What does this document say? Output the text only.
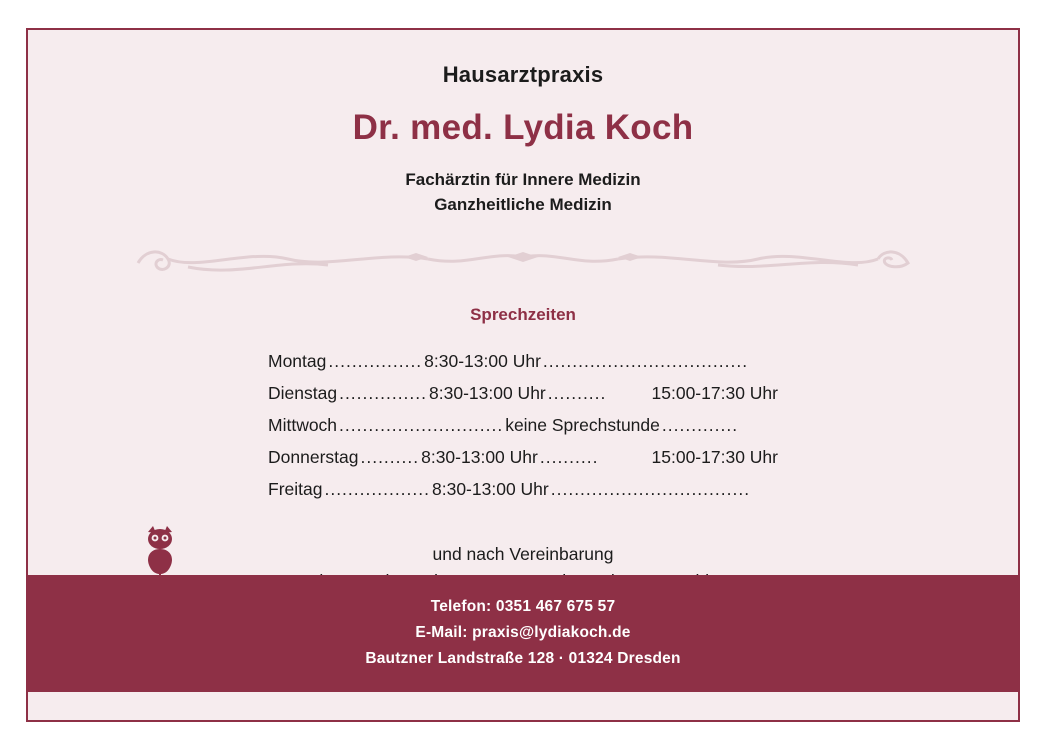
Hausarztpraxis
Dr. med. Lydia Koch
Fachärztin für Innere Medizin
Ganzheitliche Medizin
Sprechzeiten
Montag ................ 8:30-13:00 Uhr ...................................
Dienstag ............... 8:30-13:00 Uhr ..........	15:00-17:30 Uhr
Mittwoch ............................ keine Sprechstunde .............
Donnerstag .......... 8:30-13:00 Uhr ..........	15:00-17:30 Uhr
Freitag .................. 8:30-13:00 Uhr ..................................
und nach Vereinbarung
Telefon: 0351 467 675 57
E-Mail: praxis@lydiakoch.de
Bautzner Landstraße 128 · 01324 Dresden
